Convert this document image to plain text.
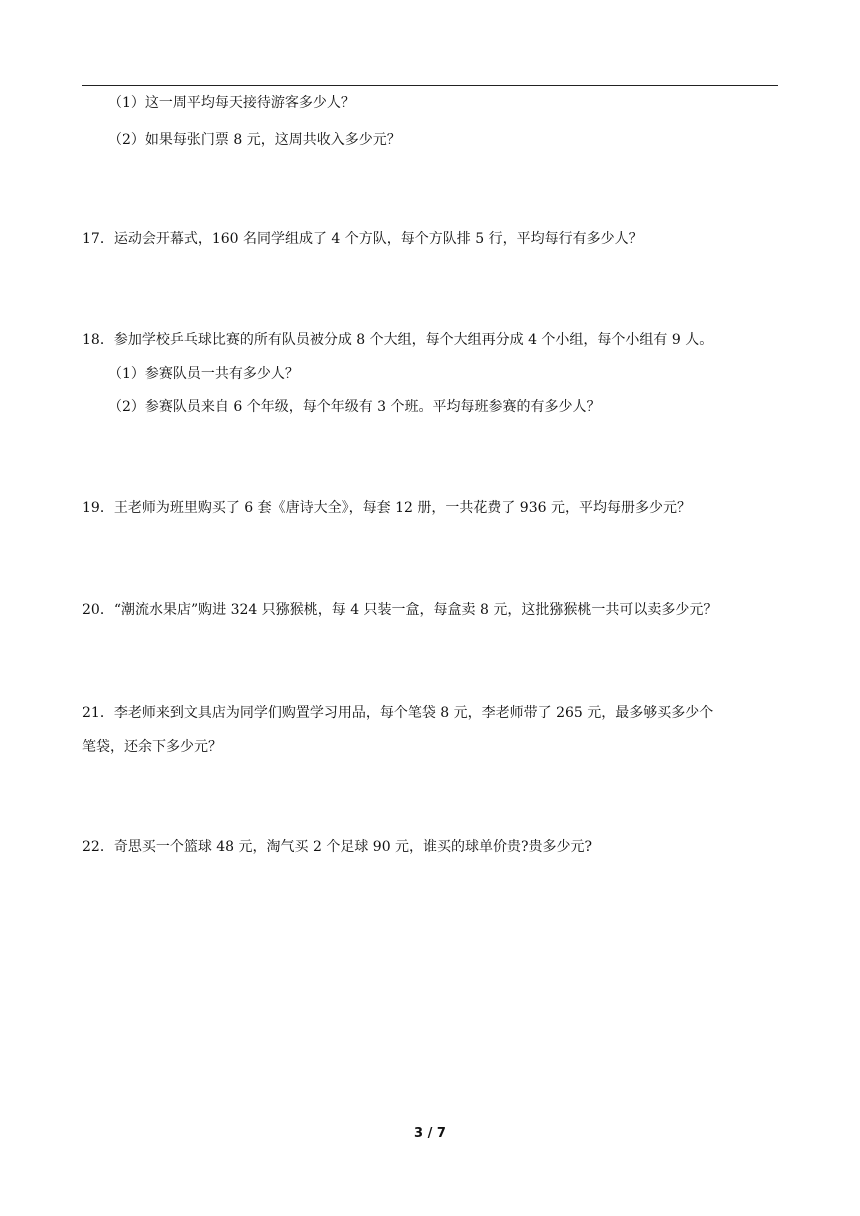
（1）这一周平均每天接待游客多少人？
（2）如果每张门票 8 元，这周共收入多少元？
17．运动会开幕式，160 名同学组成了 4 个方队，每个方队排 5 行，平均每行有多少人？
18．参加学校乒乓球比赛的所有队员被分成 8 个大组，每个大组再分成 4 个小组，每个小组有 9 人。
（1）参赛队员一共有多少人？
（2）参赛队员来自 6 个年级，每个年级有 3 个班。平均每班参赛的有多少人？
19．王老师为班里购买了 6 套《唐诗大全》，每套 12 册，一共花费了 936 元，平均每册多少元？
20．“潮流水果店”购进 324 只猕猴桃，每 4 只装一盒，每盒卖 8 元，这批猕猴桃一共可以卖多少元？
21．李老师来到文具店为同学们购置学习用品，每个笔袋 8 元，李老师带了 265 元，最多够买多少个
笔袋，还余下多少元？
22．奇思买一个篮球 48 元，淘气买 2 个足球 90 元，谁买的球单价贵?贵多少元?
3 / 7
